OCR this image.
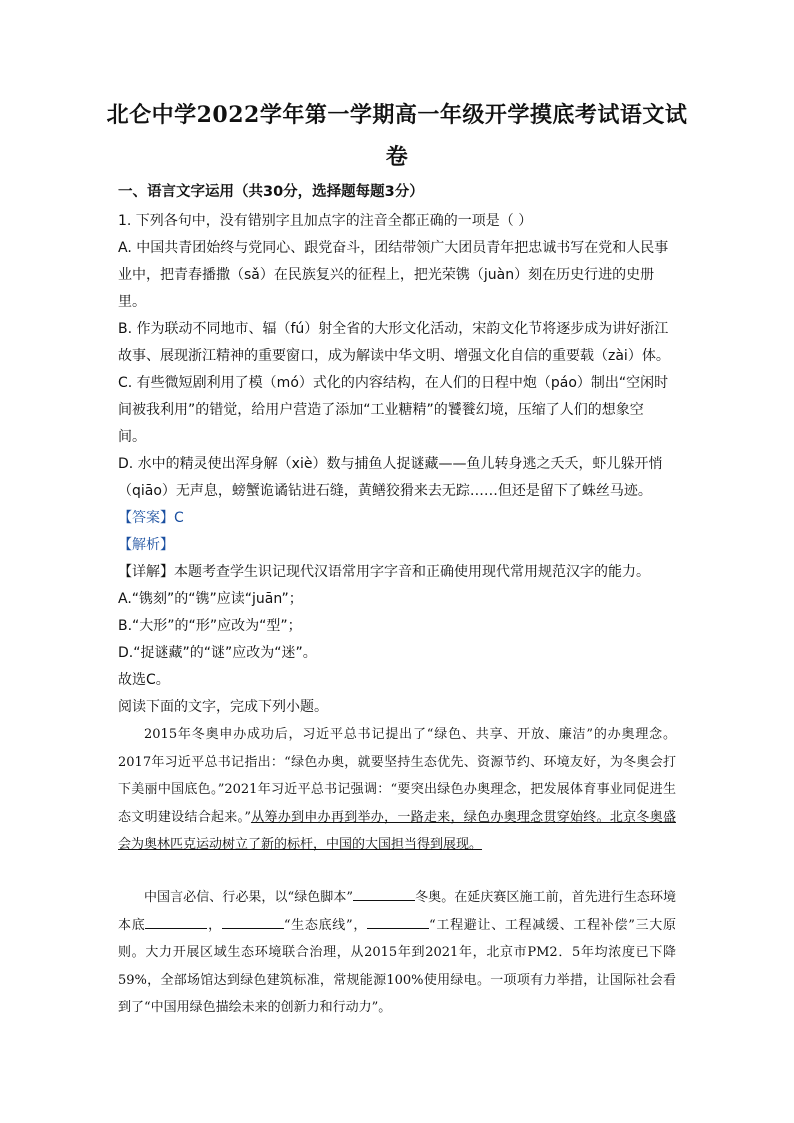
北仑中学2022学年第一学期高一年级开学摸底考试语文试
卷
一、语言文字运用（共30分，选择题每题3分）
1. 下列各句中，没有错别字且加点字的注音全都正确的一项是（ ）
A. 中国共青团始终与党同心、跟党奋斗，团结带领广大团员青年把忠诚书写在党和人民事
业中，把青春播撒（sǎ）在民族复兴的征程上，把光荣镌（juàn）刻在历史行进的史册
里。
B. 作为联动不同地市、辐（fú）射全省的大形文化活动，宋韵文化节将逐步成为讲好浙江
故事、展现浙江精神的重要窗口，成为解读中华文明、增强文化自信的重要载（zài）体。
C. 有些微短剧利用了模（mó）式化的内容结构，在人们的日程中炮（páo）制出“空闲时
间被我利用”的错觉，给用户营造了添加“工业糖精”的饕餮幻境，压缩了人们的想象空
间。
D. 水中的精灵使出浑身解（xiè）数与捕鱼人捉谜藏——鱼儿转身逃之夭夭，虾儿躲开悄
（qiāo）无声息，螃蟹诡谲钻进石缝，黄鳝狡猾来去无踪……但还是留下了蛛丝马迹。
【答案】C
【解析】
【详解】本题考查学生识记现代汉语常用字字音和正确使用现代常用规范汉字的能力。
A.“镌刻”的“镌”应读“juān”；
B.“大形”的“形”应改为“型”；
D.“捉谜藏”的“谜”应改为“迷”。
故选C。
阅读下面的文字，完成下列小题。

2015年冬奥申办成功后，习近平总书记提出了“绿色、共享、开放、廉洁”的办奥理念。2017年习近平总书记指出：“绿色办奥，就要坚持生态优先、资源节约、环境友好，为冬奥会打下美丽中国底色。”2021年习近平总书记强调：“要突出绿色办奥理念，把发展体育事业同促进生态文明建设结合起来。”从筹办到申办再到举办，一路走来，绿色办奥理念贯穿始终。北京冬奥盛会为奥林匹克运动树立了新的标杆，中国的大国担当得到展现。

中国言必信、行必果，以“绿色脚本”	冬奥。在延庆赛区施工前，首先进行生态环境本底	，	“生态底线”，	“工程避让、工程减缓、工程补偿”三大原则。大力开展区域生态环境联合治理，从2015年到2021年，北京市PM2．5年均浓度已下降59%，全部场馆达到绿色建筑标准，常规能源100%使用绿电。一项项有力举措，让国际社会看到了“中国用绿色描绘未来的创新力和行动力”。
